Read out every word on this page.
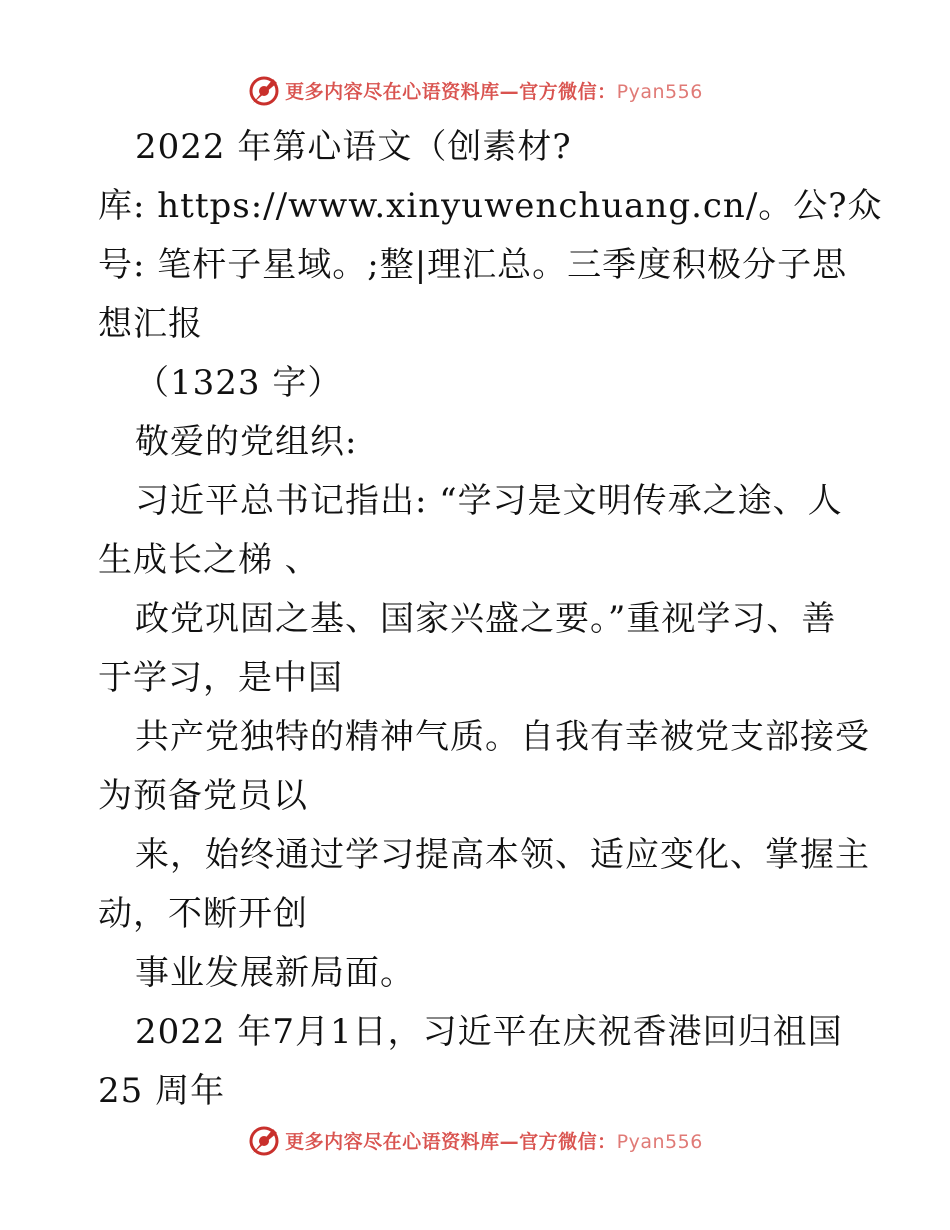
更多内容尽在心语资料库—官方微信：Pyan556
2022 年第心语文（创素材?
库: https://www.xinyuwenchuang.cn/。公?众
号: 笔杆子星域。;整|理汇总。三季度积极分子思
想汇报
（1323 字）
敬爱的党组织:
习近平总书记指出: “学习是文明传承之途、人
生成长之梯 、
政党巩固之基、国家兴盛之要。”重视学习、善
于学习，是中国
共产党独特的精神气质。自我有幸被党支部接受
为预备党员以
来，始终通过学习提高本领、适应变化、掌握主
动，不断开创
事业发展新局面。
2022 年7月1日，习近平在庆祝香港回归祖国
25 周年
更多内容尽在心语资料库—官方微信：Pyan556
